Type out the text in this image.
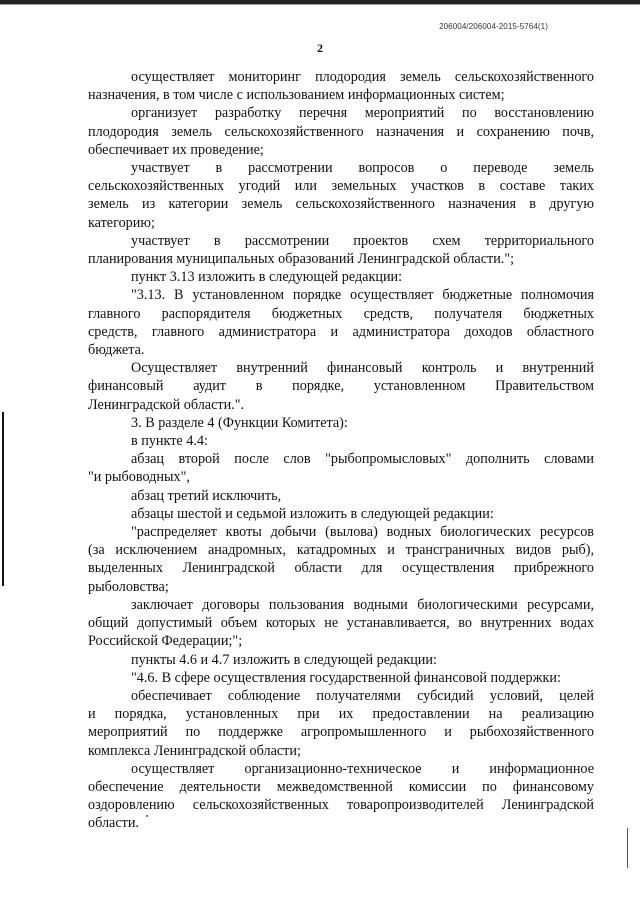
206004/206004-2015-5764(1)
2
осуществляет мониторинг плодородия земель сельскохозяйственного
назначения, в том числе с использованием информационных систем;
организует разработку перечня мероприятий по восстановлению
плодородия земель сельскохозяйственного назначения и сохранению почв,
обеспечивает их проведение;
участвует в рассмотрении вопросов о переводе земель
сельскохозяйственных угодий или земельных участков в составе таких
земель из категории земель сельскохозяйственного назначения в другую
категорию;
участвует в рассмотрении проектов схем территориального
планирования муниципальных образований Ленинградской области.";
пункт 3.13 изложить в следующей редакции:
"3.13. В установленном порядке осуществляет бюджетные полномочия
главного распорядителя бюджетных средств, получателя бюджетных
средств, главного администратора и администратора доходов областного
бюджета.
Осуществляет внутренний финансовый контроль и внутренний
финансовый аудит в порядке, установленном Правительством
Ленинградской области.".
3. В разделе 4 (Функции Комитета):
в пункте 4.4:
абзац второй после слов "рыбопромысловых" дополнить словами
"и рыбоводных",
абзац третий исключить,
абзацы шестой и седьмой изложить в следующей редакции:
"распределяет квоты добычи (вылова) водных биологических ресурсов
(за исключением анадромных, катадромных и трансграничных видов рыб),
выделенных Ленинградской области для осуществления прибрежного
рыболовства;
заключает договоры пользования водными биологическими ресурсами,
общий допустимый объем которых не устанавливается, во внутренних водах
Российской Федерации;";
пункты 4.6 и 4.7 изложить в следующей редакции:
"4.6. В сфере осуществления государственной финансовой поддержки:
обеспечивает соблюдение получателями субсидий условий, целей
и порядка, установленных при их предоставлении на реализацию
мероприятий по поддержке агропромышленного и рыбохозяйственного
комплекса Ленинградской области;
осуществляет организационно-техническое и информационное
обеспечение деятельности межведомственной комиссии по финансовому
оздоровлению сельскохозяйственных товаропроизводителей Ленинградской
области.
